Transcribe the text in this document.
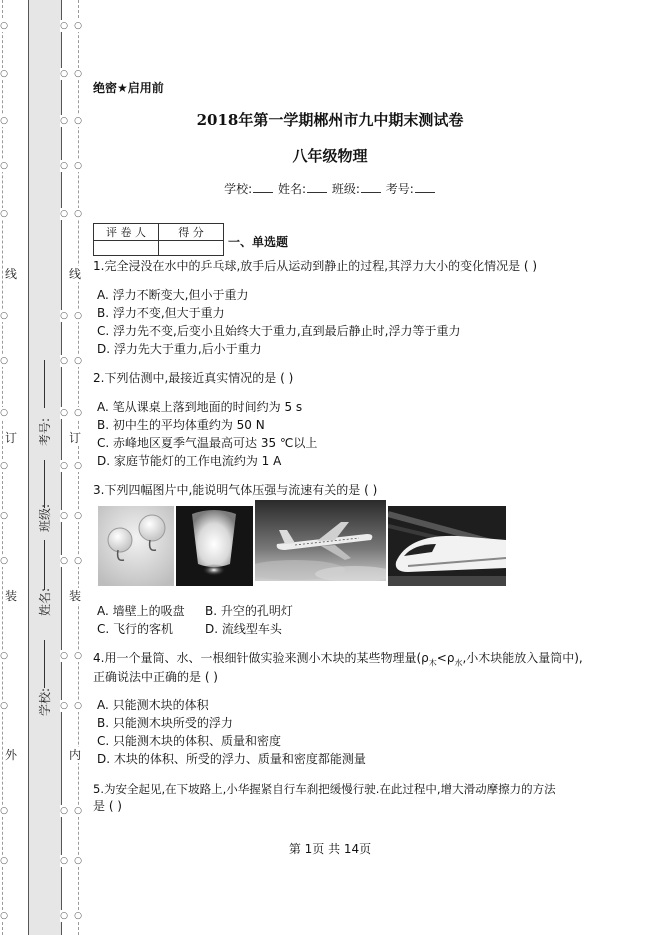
○	○ ○
○	○ ○
○	○ ○
○	○ ○
○	○ ○
○	○ ○
○	○ ○
○	○ ○
○	○ ○
○	○ ○
○	○ ○
○	○ ○
○	○ ○
○	○ ○
○	○ ○
○	○ ○
外
装
订
线
内
装
订
线
学校:
姓名:
班级:
考号:
绝密★启用前
2018年第一学期郴州市九中期末测试卷
八年级物理
学校: 姓名: 班级: 考号:
评 卷 人	得 分

一、单选题
1.完全浸没在水中的乒乓球,放手后从运动到静止的过程,其浮力大小的变化情况是 ( )
A. 浮力不断变大,但小于重力
B. 浮力不变,但大于重力
C. 浮力先不变,后变小且始终大于重力,直到最后静止时,浮力等于重力
D. 浮力先大于重力,后小于重力
2.下列估测中,最接近真实情况的是 ( )
A. 笔从课桌上落到地面的时间约为 5 s
B. 初中生的平均体重约为 50 N
C. 赤峰地区夏季气温最高可达 35 ℃以上
D. 家庭节能灯的工作电流约为 1 A
3.下列四幅图片中,能说明气体压强与流速有关的是 ( )
A. 墙壁上的吸盘 B. 升空的孔明灯
C. 飞行的客机	D. 流线型车头
4.用一个量筒、水、一根细针做实验来测小木块的某些物理量($\rho_木<\rho_水$,小木块能放入量筒中),
正确说法中正确的是 ( )
A. 只能测木块的体积
B. 只能测木块所受的浮力
C. 只能测木块的体积、质量和密度
D. 木块的体积、所受的浮力、质量和密度都能测量
5.为安全起见,在下坡路上,小华握紧自行车刹把缓慢行驶.在此过程中,增大滑动摩擦力的方法
是 ( )
第 1页 共 14页
